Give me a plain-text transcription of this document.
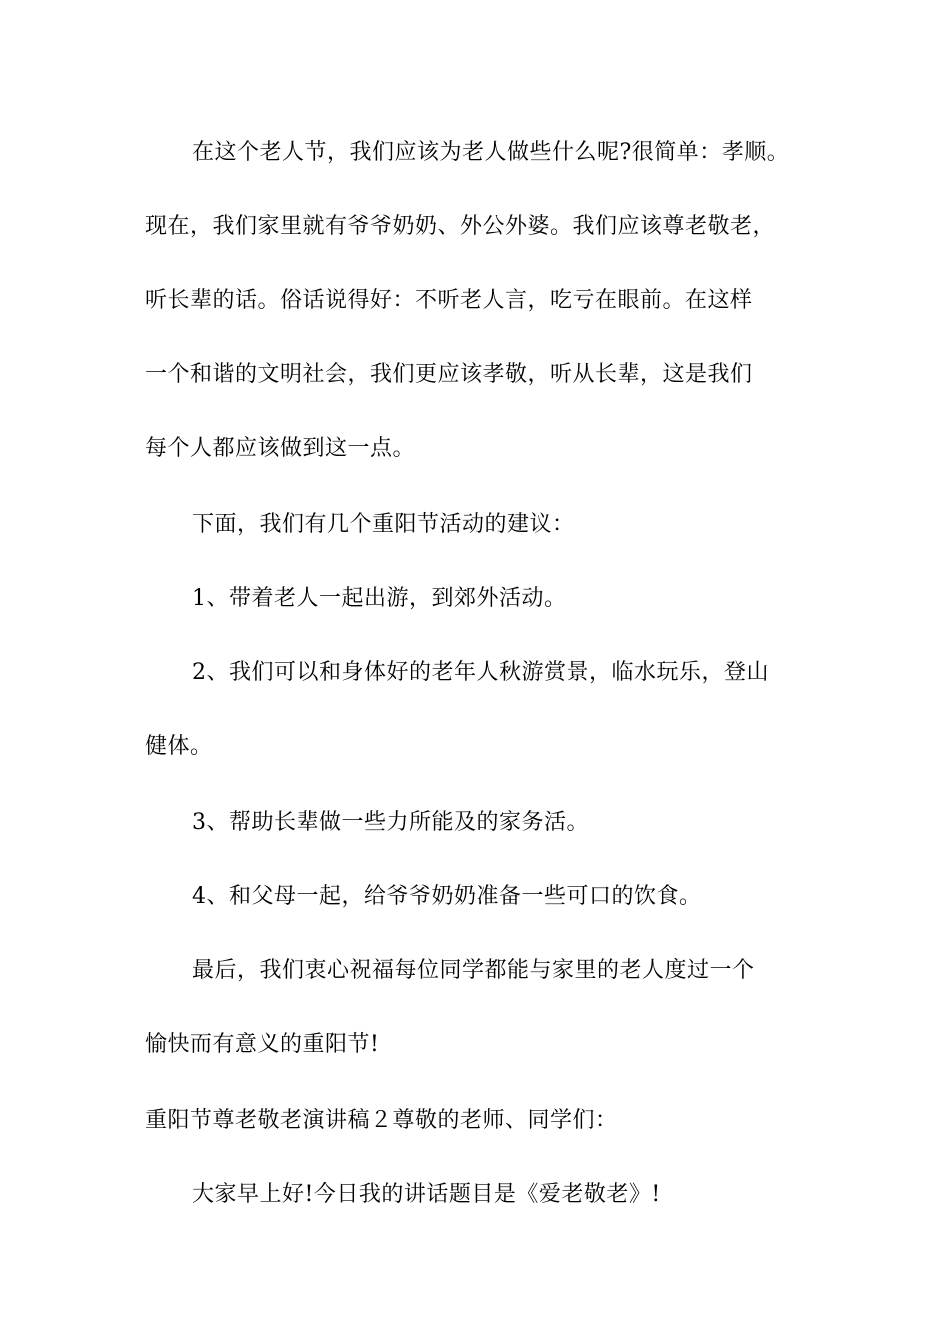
在这个老人节，我们应该为老人做些什么呢?很简单：孝顺。
现在，我们家里就有爷爷奶奶、外公外婆。我们应该尊老敬老，
听长辈的话。俗话说得好：不听老人言，吃亏在眼前。在这样
一个和谐的文明社会，我们更应该孝敬，听从长辈，这是我们
每个人都应该做到这一点。
下面，我们有几个重阳节活动的建议：
1、带着老人一起出游，到郊外活动。
2、我们可以和身体好的老年人秋游赏景，临水玩乐，登山
健体。
3、帮助长辈做一些力所能及的家务活。
4、和父母一起，给爷爷奶奶准备一些可口的饮食。
最后，我们衷心祝福每位同学都能与家里的老人度过一个
愉快而有意义的重阳节!
重阳节尊老敬老演讲稿２尊敬的老师、同学们：
大家早上好!今日我的讲话题目是《爱老敬老》!
